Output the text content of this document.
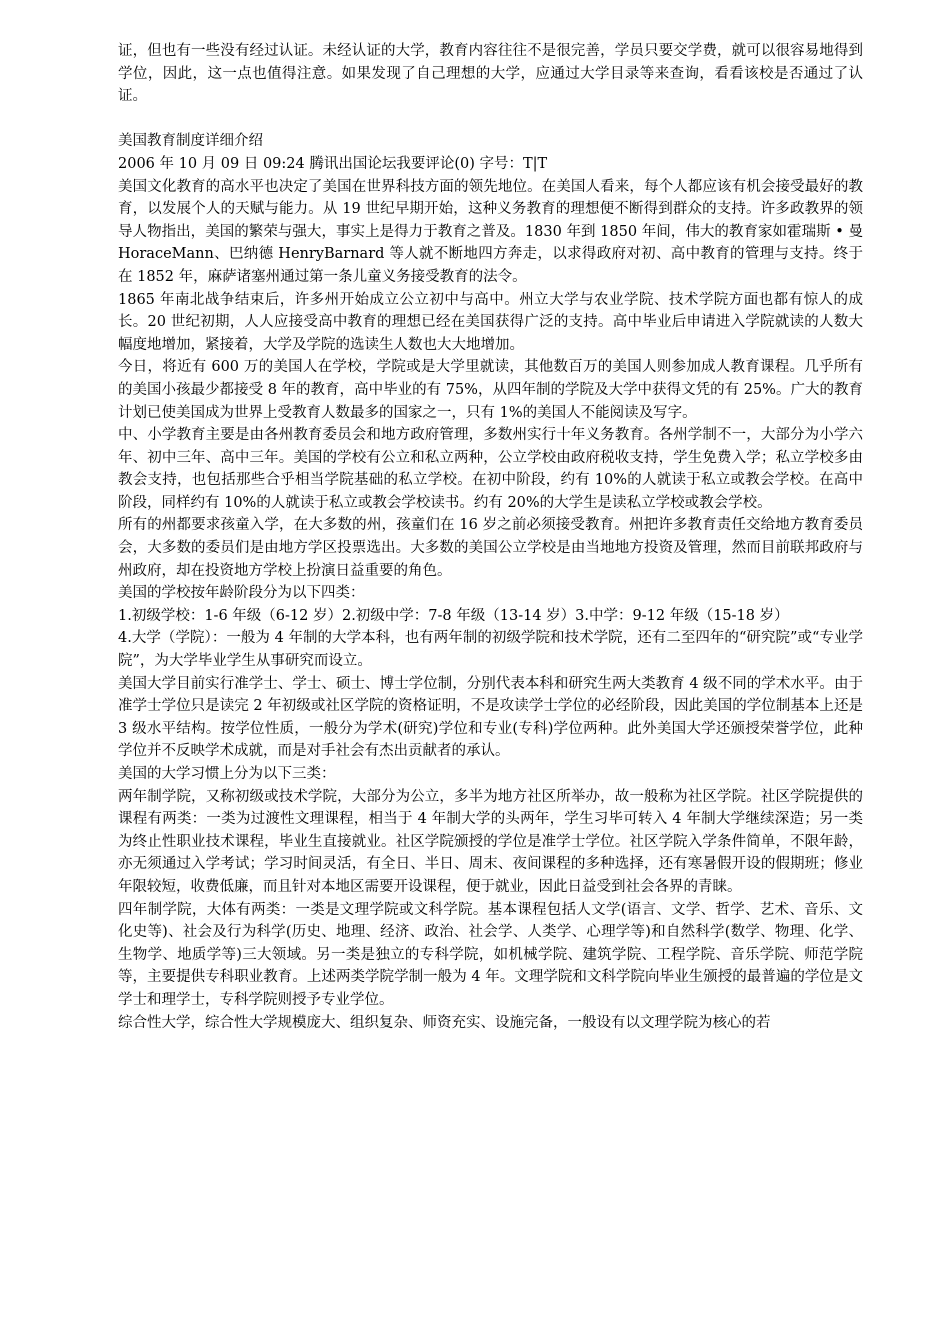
证，但也有一些没有经过认证。未经认证的大学，教育内容往往不是很完善，学员只要交学费，就可以很容易地得到学位，因此，这一点也值得注意。如果发现了自己理想的大学，应通过大学目录等来查询，看看该校是否通过了认证。

美国教育制度详细介绍

2006 年 10 月 09 日 09:24 腾讯出国论坛我要评论(0) 字号：T|T

美国文化教育的高水平也决定了美国在世界科技方面的领先地位。在美国人看来，每个人都应该有机会接受最好的教育，以发展个人的天赋与能力。从 19 世纪早期开始，这种义务教育的理想便不断得到群众的支持。许多政教界的领导人物指出，美国的繁荣与强大，事实上是得力于教育之普及。1830 年到 1850 年间，伟大的教育家如霍瑞斯 • 曼 HoraceMann、巴纳德 HenryBarnard 等人就不断地四方奔走，以求得政府对初、高中教育的管理与支持。终于在 1852 年，麻萨诸塞州通过第一条儿童义务接受教育的法令。

1865 年南北战争结束后，许多州开始成立公立初中与高中。州立大学与农业学院、技术学院方面也都有惊人的成长。20 世纪初期，人人应接受高中教育的理想已经在美国获得广泛的支持。高中毕业后申请进入学院就读的人数大幅度地增加，紧接着，大学及学院的选读生人数也大大地增加。

今日，将近有 600 万的美国人在学校，学院或是大学里就读，其他数百万的美国人则参加成人教育课程。几乎所有的美国小孩最少都接受 8 年的教育，高中毕业的有 75%，从四年制的学院及大学中获得文凭的有 25%。广大的教育计划已使美国成为世界上受教育人数最多的国家之一，只有 1%的美国人不能阅读及写字。

中、小学教育主要是由各州教育委员会和地方政府管理，多数州实行十年义务教育。各州学制不一，大部分为小学六年、初中三年、高中三年。美国的学校有公立和私立两种，公立学校由政府税收支持，学生免费入学；私立学校多由教会支持，也包括那些合乎相当学院基础的私立学校。在初中阶段，约有 10%的人就读于私立或教会学校。在高中阶段，同样约有 10%的人就读于私立或教会学校读书。约有 20%的大学生是读私立学校或教会学校。

所有的州都要求孩童入学，在大多数的州，孩童们在 16 岁之前必须接受教育。州把许多教育责任交给地方教育委员会，大多数的委员们是由地方学区投票选出。大多数的美国公立学校是由当地地方投资及管理，然而目前联邦政府与州政府，却在投资地方学校上扮演日益重要的角色。

美国的学校按年龄阶段分为以下四类：

1.初级学校：1-6 年级（6-12 岁）2.初级中学：7-8 年级（13-14 岁）3.中学：9-12 年级（15-18 岁）

4.大学（学院）：一般为 4 年制的大学本科，也有两年制的初级学院和技术学院，还有二至四年的“研究院”或“专业学院”，为大学毕业学生从事研究而设立。

美国大学目前实行准学士、学士、硕士、博士学位制，分别代表本科和研究生两大类教育 4 级不同的学术水平。由于准学士学位只是读完 2 年初级或社区学院的资格证明，不是攻读学士学位的必经阶段，因此美国的学位制基本上还是 3 级水平结构。按学位性质，一般分为学术(研究)学位和专业(专科)学位两种。此外美国大学还颁授荣誉学位，此种学位并不反映学术成就，而是对手社会有杰出贡献者的承认。

美国的大学习惯上分为以下三类：

两年制学院，又称初级或技术学院，大部分为公立，多半为地方社区所举办，故一般称为社区学院。社区学院提供的课程有两类：一类为过渡性文理课程，相当于 4 年制大学的头两年，学生习毕可转入 4 年制大学继续深造；另一类为终止性职业技术课程，毕业生直接就业。社区学院颁授的学位是准学士学位。社区学院入学条件简单，不限年龄，亦无须通过入学考试；学习时间灵活，有全日、半日、周末、夜间课程的多种选择，还有寒暑假开设的假期班；修业年限较短，收费低廉，而且针对本地区需要开设课程，便于就业，因此日益受到社会各界的青睐。

四年制学院，大体有两类：一类是文理学院或文科学院。基本课程包括人文学(语言、文学、哲学、艺术、音乐、文化史等)、社会及行为科学(历史、地理、经济、政治、社会学、人类学、心理学等)和自然科学(数学、物理、化学、生物学、地质学等)三大领域。另一类是独立的专科学院，如机械学院、建筑学院、工程学院、音乐学院、师范学院等，主要提供专科职业教育。上述两类学院学制一般为 4 年。文理学院和文科学院向毕业生颁授的最普遍的学位是文学士和理学士，专科学院则授予专业学位。

综合性大学，综合性大学规模庞大、组织复杂、师资充实、设施完备，一般设有以文理学院为核心的若
